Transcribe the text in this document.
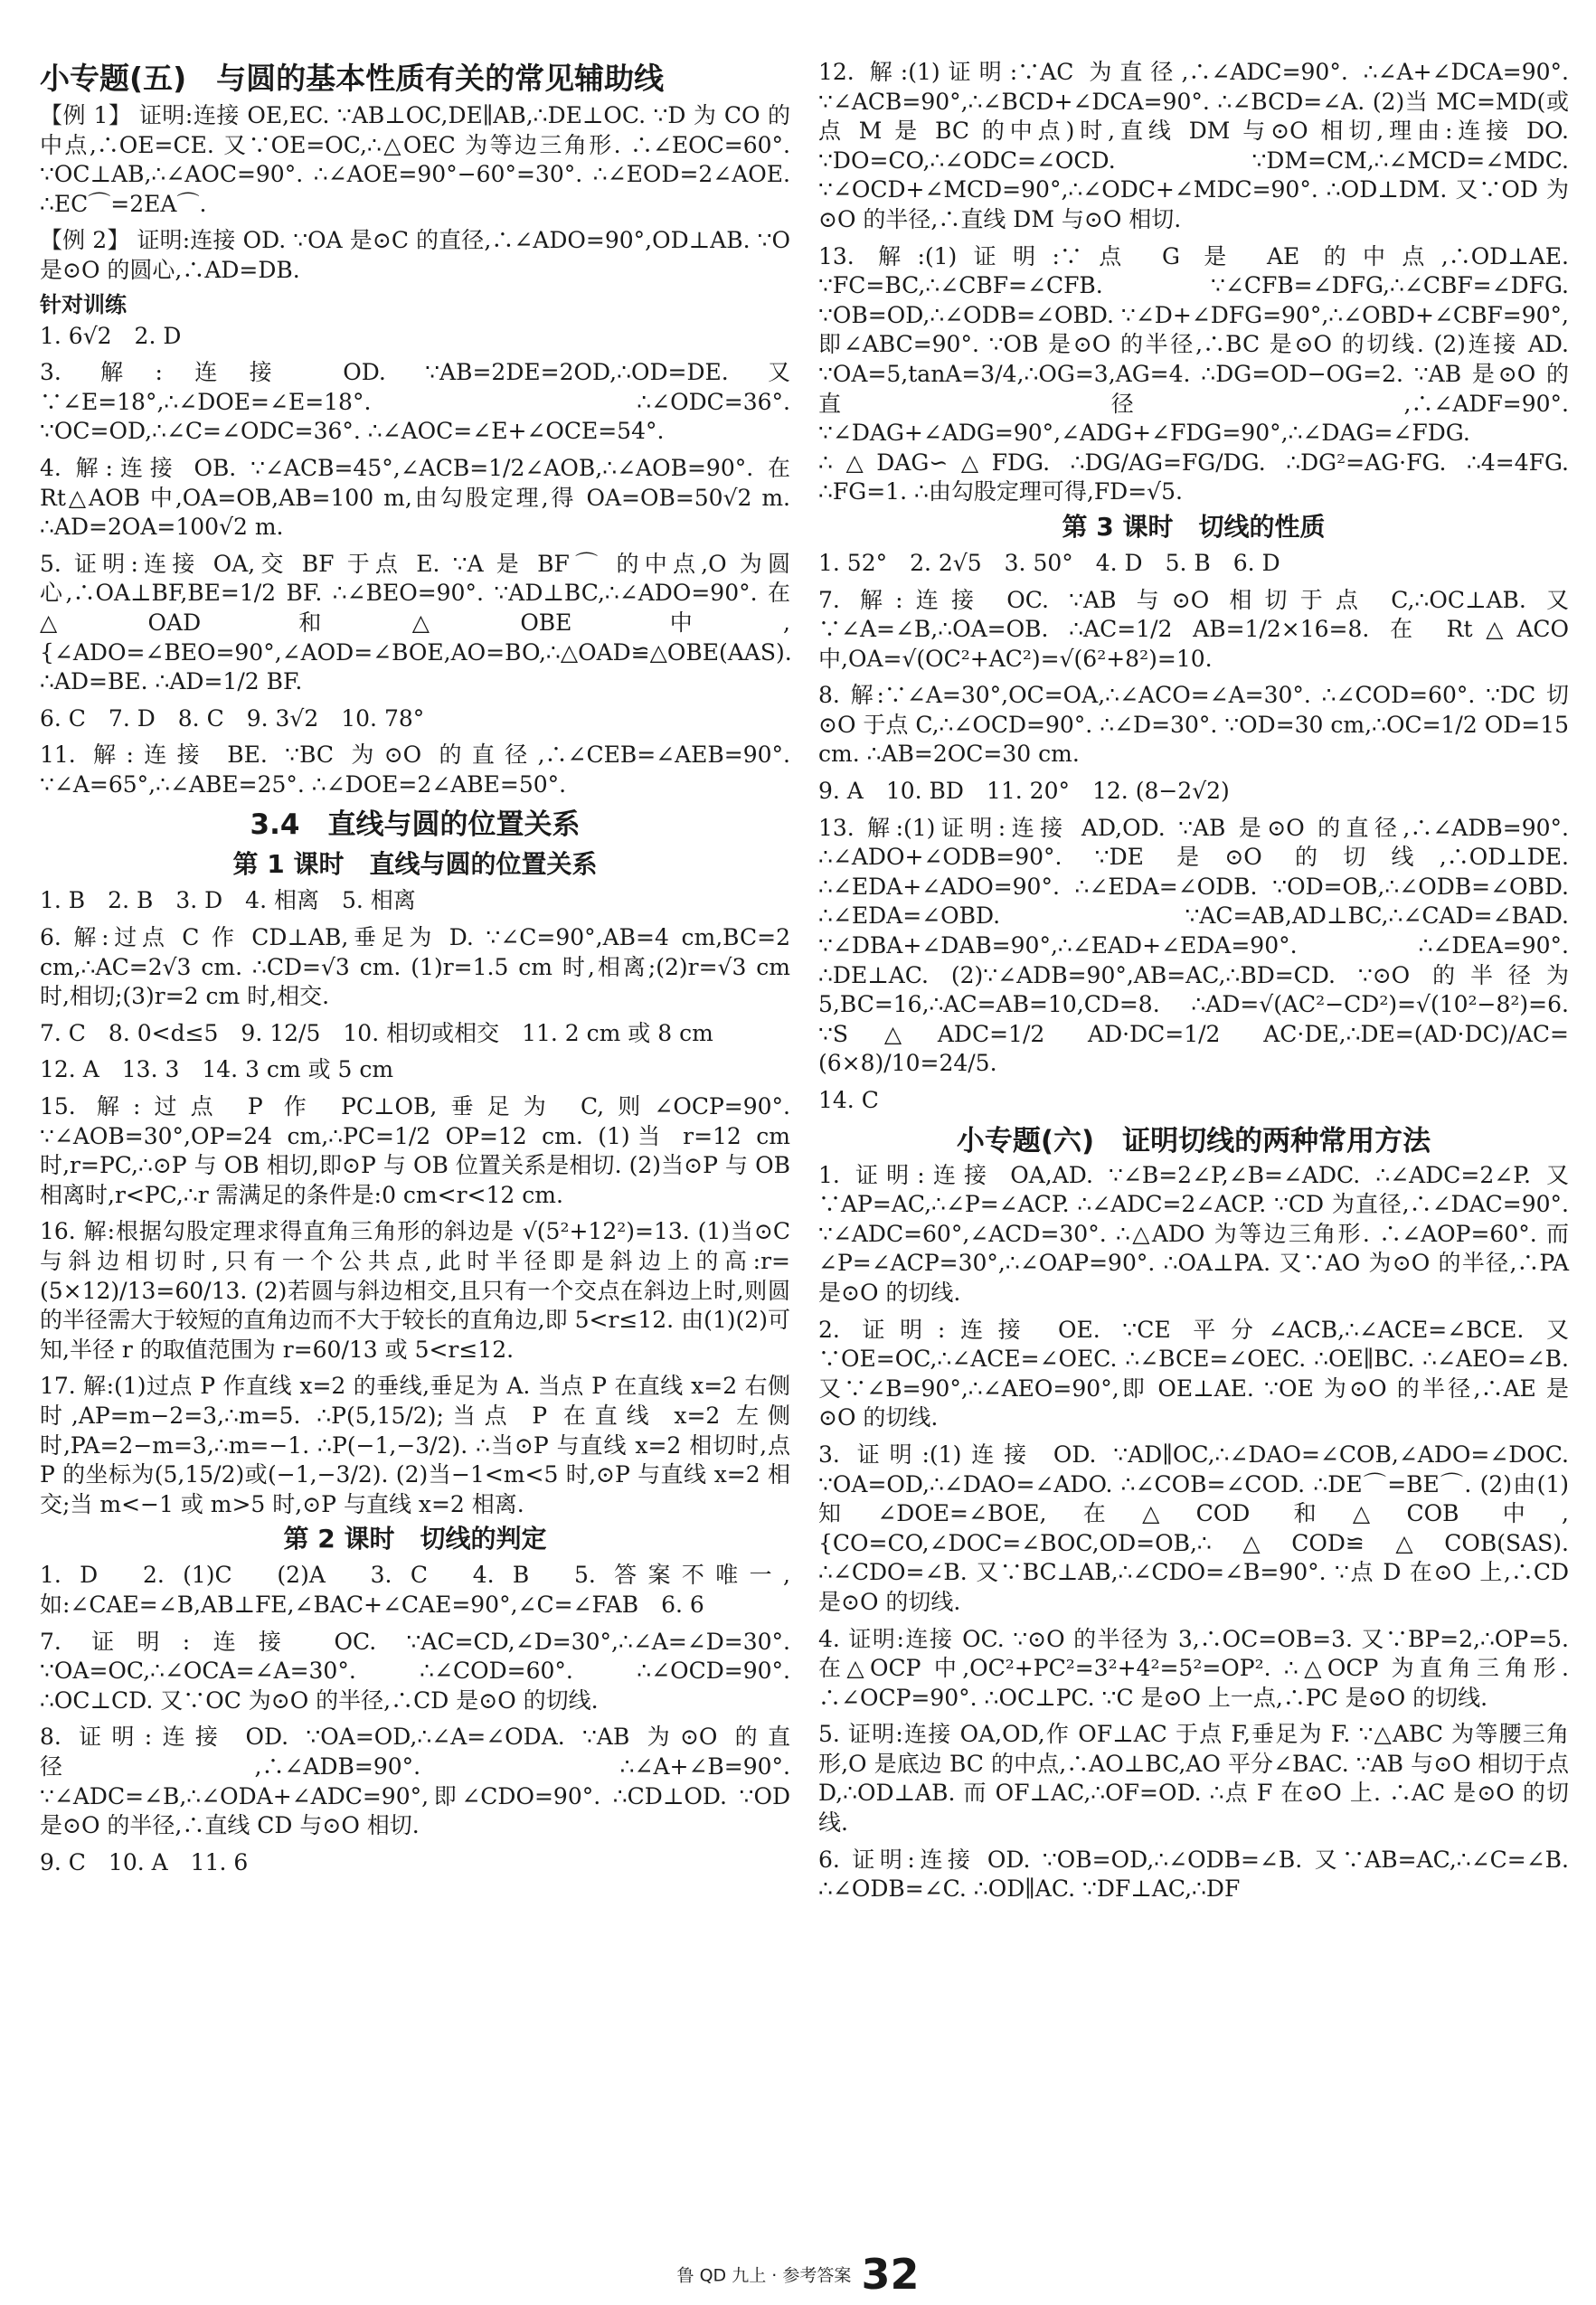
小专题(五)　与圆的基本性质有关的常见辅助线

【例 1】 证明:连接 OE,EC. ∵AB⊥OC,DE∥AB,∴DE⊥OC. ∵D 为 CO 的中点,∴OE=CE. 又∵OE=OC,∴△OEC 为等边三角形. ∴∠EOC=60°. ∵OC⊥AB,∴∠AOC=90°. ∴∠AOE=90°−60°=30°. ∴∠EOD=2∠AOE. ∴EC⌒=2EA⌒.

【例 2】 证明:连接 OD. ∵OA 是⊙C 的直径,∴∠ADO=90°,OD⊥AB. ∵O 是⊙O 的圆心,∴AD=DB.

针对训练

1. 6√2　2. D

3. 解:连接 OD. ∵AB=2DE=2OD,∴OD=DE. 又∵∠E=18°,∴∠DOE=∠E=18°. ∴∠ODC=36°. ∵OC=OD,∴∠C=∠ODC=36°. ∴∠AOC=∠E+∠OCE=54°.

4. 解:连接 OB. ∵∠ACB=45°,∠ACB=1/2∠AOB,∴∠AOB=90°. 在 Rt△AOB 中,OA=OB,AB=100 m,由勾股定理,得 OA=OB=50√2 m. ∴AD=2OA=100√2 m.

5. 证明:连接 OA,交 BF 于点 E. ∵A 是 BF⌒ 的中点,O 为圆心,∴OA⊥BF,BE=1/2 BF. ∴∠BEO=90°. ∵AD⊥BC,∴∠ADO=90°. 在△OAD 和△OBE 中,{∠ADO=∠BEO=90°,∠AOD=∠BOE,AO=BO,∴△OAD≌△OBE(AAS). ∴AD=BE. ∴AD=1/2 BF.

6. C　7. D　8. C　9. 3√2　10. 78°

11. 解:连接 BE. ∵BC 为⊙O 的直径,∴∠CEB=∠AEB=90°. ∵∠A=65°,∴∠ABE=25°. ∴∠DOE=2∠ABE=50°.

3.4　直线与圆的位置关系
第 1 课时　直线与圆的位置关系

1. B　2. B　3. D　4. 相离　5. 相离

6. 解:过点 C 作 CD⊥AB,垂足为 D. ∵∠C=90°,AB=4 cm,BC=2 cm,∴AC=2√3 cm. ∴CD=√3 cm. (1)r=1.5 cm 时,相离;(2)r=√3 cm 时,相切;(3)r=2 cm 时,相交.

7. C　8. 0<d≤5　9. 12/5　10. 相切或相交　11. 2 cm 或 8 cm

12. A　13. 3　14. 3 cm 或 5 cm

15. 解:过点 P 作 PC⊥OB,垂足为 C,则∠OCP=90°. ∵∠AOB=30°,OP=24 cm,∴PC=1/2 OP=12 cm. (1)当 r=12 cm 时,r=PC,∴⊙P 与 OB 相切,即⊙P 与 OB 位置关系是相切. (2)当⊙P 与 OB 相离时,r<PC,∴r 需满足的条件是:0 cm<r<12 cm.

16. 解:根据勾股定理求得直角三角形的斜边是 √(5²+12²)=13. (1)当⊙C 与斜边相切时,只有一个公共点,此时半径即是斜边上的高:r=(5×12)/13=60/13. (2)若圆与斜边相交,且只有一个交点在斜边上时,则圆的半径需大于较短的直角边而不大于较长的直角边,即 5<r≤12. 由(1)(2)可知,半径 r 的取值范围为 r=60/13 或 5<r≤12.

17. 解:(1)过点 P 作直线 x=2 的垂线,垂足为 A. 当点 P 在直线 x=2 右侧时,AP=m−2=3,∴m=5. ∴P(5,15/2);当点 P 在直线 x=2 左侧时,PA=2−m=3,∴m=−1. ∴P(−1,−3/2). ∴当⊙P 与直线 x=2 相切时,点 P 的坐标为(5,15/2)或(−1,−3/2). (2)当−1<m<5 时,⊙P 与直线 x=2 相交;当 m<−1 或 m>5 时,⊙P 与直线 x=2 相离.

第 2 课时　切线的判定

1. D　2. (1)C　(2)A　3. C　4. B　5. 答案不唯一,如:∠CAE=∠B,AB⊥FE,∠BAC+∠CAE=90°,∠C=∠FAB　6. 6

7. 证明:连接 OC. ∵AC=CD,∠D=30°,∴∠A=∠D=30°. ∵OA=OC,∴∠OCA=∠A=30°. ∴∠COD=60°. ∴∠OCD=90°. ∴OC⊥CD. 又∵OC 为⊙O 的半径,∴CD 是⊙O 的切线.

8. 证明:连接 OD. ∵OA=OD,∴∠A=∠ODA. ∵AB 为⊙O 的直径,∴∠ADB=90°. ∴∠A+∠B=90°. ∵∠ADC=∠B,∴∠ODA+∠ADC=90°,即∠CDO=90°. ∴CD⊥OD. ∵OD 是⊙O 的半径,∴直线 CD 与⊙O 相切.

9. C　10. A　11. 6

12. 解:(1)证明:∵AC 为直径,∴∠ADC=90°. ∴∠A+∠DCA=90°. ∵∠ACB=90°,∴∠BCD+∠DCA=90°. ∴∠BCD=∠A. (2)当 MC=MD(或点 M 是 BC 的中点)时,直线 DM 与⊙O 相切,理由:连接 DO. ∵DO=CO,∴∠ODC=∠OCD. ∵DM=CM,∴∠MCD=∠MDC. ∵∠OCD+∠MCD=90°,∴∠ODC+∠MDC=90°. ∴OD⊥DM. 又∵OD 为⊙O 的半径,∴直线 DM 与⊙O 相切.

13. 解:(1)证明:∵点 G 是 AE 的中点,∴OD⊥AE. ∵FC=BC,∴∠CBF=∠CFB. ∵∠CFB=∠DFG,∴∠CBF=∠DFG. ∵OB=OD,∴∠ODB=∠OBD. ∵∠D+∠DFG=90°,∴∠OBD+∠CBF=90°,即∠ABC=90°. ∵OB 是⊙O 的半径,∴BC 是⊙O 的切线. (2)连接 AD. ∵OA=5,tanA=3/4,∴OG=3,AG=4. ∴DG=OD−OG=2. ∵AB 是⊙O 的直径,∴∠ADF=90°. ∵∠DAG+∠ADG=90°,∠ADG+∠FDG=90°,∴∠DAG=∠FDG. ∴△DAG∽△FDG. ∴DG/AG=FG/DG. ∴DG²=AG·FG. ∴4=4FG. ∴FG=1. ∴由勾股定理可得,FD=√5.

第 3 课时　切线的性质

1. 52°　2. 2√5　3. 50°　4. D　5. B　6. D

7. 解:连接 OC. ∵AB 与⊙O 相切于点 C,∴OC⊥AB. 又∵∠A=∠B,∴OA=OB. ∴AC=1/2 AB=1/2×16=8. 在 Rt△ACO 中,OA=√(OC²+AC²)=√(6²+8²)=10.

8. 解:∵∠A=30°,OC=OA,∴∠ACO=∠A=30°. ∴∠COD=60°. ∵DC 切⊙O 于点 C,∴∠OCD=90°. ∴∠D=30°. ∵OD=30 cm,∴OC=1/2 OD=15 cm. ∴AB=2OC=30 cm.

9. A　10. BD　11. 20°　12. (8−2√2)

13. 解:(1)证明:连接 AD,OD. ∵AB 是⊙O 的直径,∴∠ADB=90°. ∴∠ADO+∠ODB=90°. ∵DE 是⊙O 的切线,∴OD⊥DE. ∴∠EDA+∠ADO=90°. ∴∠EDA=∠ODB. ∵OD=OB,∴∠ODB=∠OBD. ∴∠EDA=∠OBD. ∵AC=AB,AD⊥BC,∴∠CAD=∠BAD. ∵∠DBA+∠DAB=90°,∴∠EAD+∠EDA=90°. ∴∠DEA=90°. ∴DE⊥AC. (2)∵∠ADB=90°,AB=AC,∴BD=CD. ∵⊙O 的半径为 5,BC=16,∴AC=AB=10,CD=8. ∴AD=√(AC²−CD²)=√(10²−8²)=6. ∵S△ADC=1/2 AD·DC=1/2 AC·DE,∴DE=(AD·DC)/AC=(6×8)/10=24/5.

14. C

小专题(六)　证明切线的两种常用方法

1. 证明:连接 OA,AD. ∵∠B=2∠P,∠B=∠ADC. ∴∠ADC=2∠P. 又∵AP=AC,∴∠P=∠ACP. ∴∠ADC=2∠ACP. ∵CD 为直径,∴∠DAC=90°. ∵∠ADC=60°,∠ACD=30°. ∴△ADO 为等边三角形. ∴∠AOP=60°. 而∠P=∠ACP=30°,∴∠OAP=90°. ∴OA⊥PA. 又∵AO 为⊙O 的半径,∴PA 是⊙O 的切线.

2. 证明:连接 OE. ∵CE 平分∠ACB,∴∠ACE=∠BCE. 又∵OE=OC,∴∠ACE=∠OEC. ∴∠BCE=∠OEC. ∴OE∥BC. ∴∠AEO=∠B. 又∵∠B=90°,∴∠AEO=90°,即 OE⊥AE. ∵OE 为⊙O 的半径,∴AE 是⊙O 的切线.

3. 证明:(1)连接 OD. ∵AD∥OC,∴∠DAO=∠COB,∠ADO=∠DOC. ∵OA=OD,∴∠DAO=∠ADO. ∴∠COB=∠COD. ∴DE⌒=BE⌒. (2)由(1)知∠DOE=∠BOE,在△COD 和△COB 中,{CO=CO,∠DOC=∠BOC,OD=OB,∴△COD≌△COB(SAS). ∴∠CDO=∠B. 又∵BC⊥AB,∴∠CDO=∠B=90°. ∵点 D 在⊙O 上,∴CD 是⊙O 的切线.

4. 证明:连接 OC. ∵⊙O 的半径为 3,∴OC=OB=3. 又∵BP=2,∴OP=5. 在△OCP 中,OC²+PC²=3²+4²=5²=OP². ∴△OCP 为直角三角形. ∴∠OCP=90°. ∴OC⊥PC. ∵C 是⊙O 上一点,∴PC 是⊙O 的切线.

5. 证明:连接 OA,OD,作 OF⊥AC 于点 F,垂足为 F. ∵△ABC 为等腰三角形,O 是底边 BC 的中点,∴AO⊥BC,AO 平分∠BAC. ∵AB 与⊙O 相切于点 D,∴OD⊥AB. 而 OF⊥AC,∴OF=OD. ∴点 F 在⊙O 上. ∴AC 是⊙O 的切线.

6. 证明:连接 OD. ∵OB=OD,∴∠ODB=∠B. 又∵AB=AC,∴∠C=∠B. ∴∠ODB=∠C. ∴OD∥AC. ∵DF⊥AC,∴DF

鲁 QD 九上 · 参考答案 32
